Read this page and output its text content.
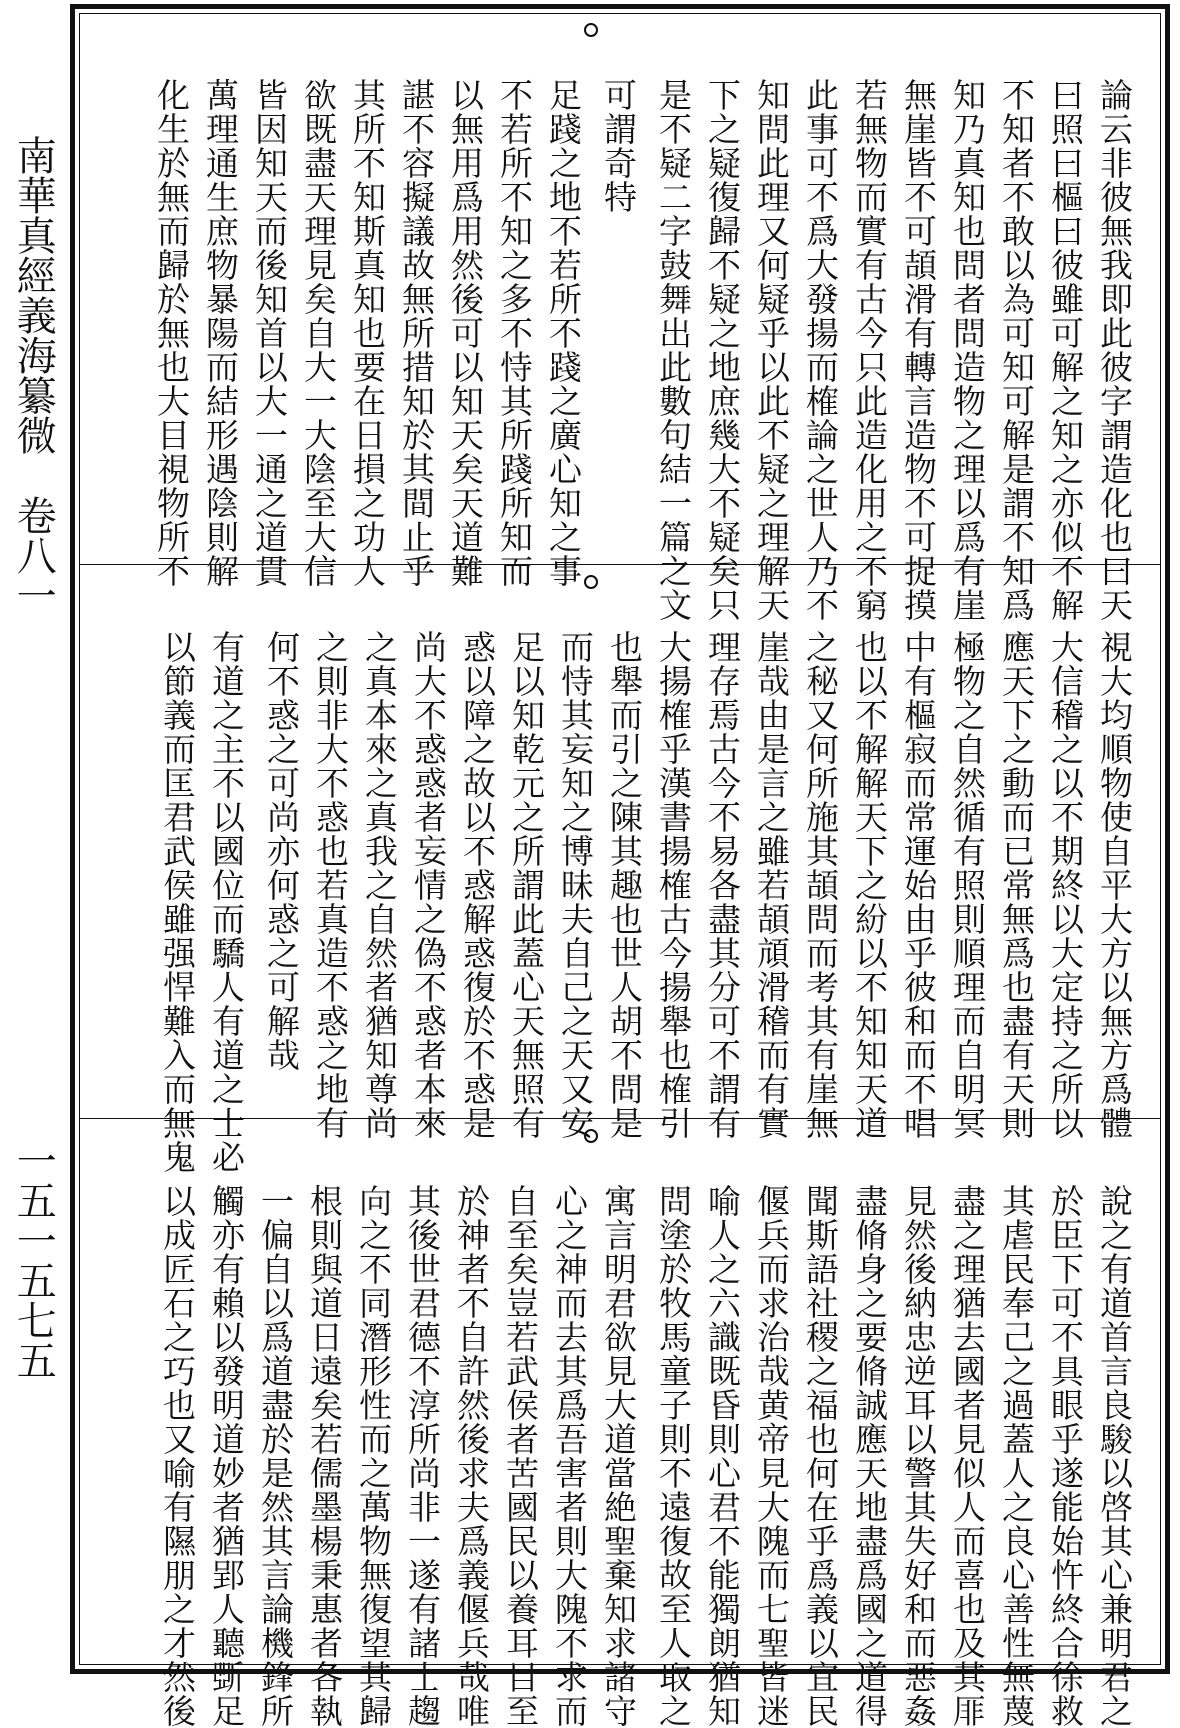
南華真經義海纂微　卷八一
一五一五七五
論云非彼無我即此彼字謂造化也曰天
曰照曰樞曰彼雖可解之知之亦似不解
不知者不敢以為可知可解是謂不知爲
知乃真知也問者問造物之理以爲有崖
無崖皆不可頡滑有轉言造物不可捉摸
若無物而實有古今只此造化用之不窮
此事可不爲大發揚而榷論之世人乃不
知問此理又何疑乎以此不疑之理解天
下之疑復歸不疑之地庶幾大不疑矣只
是不疑二字鼓舞出此數句結一篇之文
可謂奇特
足踐之地不若所不踐之廣心知之事
不若所不知之多不恃其所踐所知而
以無用爲用然後可以知天矣天道難
諶不容擬議故無所措知於其間止乎
其所不知斯真知也要在日損之功人
欲既盡天理見矣自大一大陰至大信
皆因知天而後知首以大一通之道貫
萬理通生庶物暴陽而結形遇陰則解
化生於無而歸於無也大目視物所不
視大均順物使自平大方以無方爲體
大信稽之以不期終以大定持之所以
應天下之動而已常無爲也盡有天則
極物之自然循有照則順理而自明冥
中有樞寂而常運始由乎彼和而不唱
也以不解解天下之紛以不知知天道
之秘又何所施其頡問而考其有崖無
崖哉由是言之雖若頡頏滑稽而有實
理存焉古今不易各盡其分可不謂有
大揚榷乎漢書揚榷古今揚舉也榷引
也舉而引之陳其趣也世人胡不問是
而恃其妄知之博昧夫自己之天又安
足以知乾元之所謂此蓋心天無照有
惑以障之故以不惑解惑復於不惑是
尚大不惑惑者妄情之偽不惑者本來
之真本來之真我之自然者猶知尊尚
之則非大不惑也若真造不惑之地有
何不惑之可尚亦何惑之可解哉
有道之主不以國位而驕人有道之士必
以節義而匡君武侯雖强悍難入而無鬼
說之有道首言良駿以啓其心兼明君之
於臣下可不具眼乎遂能始忤終合徐救
其虐民奉己之過蓋人之良心善性無蔑
盡之理猶去國者見似人而喜也及其厞
見然後納忠逆耳以警其失好和而惡姦
盡脩身之要脩誠應天地盡爲國之道得
聞斯語社稷之福也何在乎爲義以宜民
偃兵而求治哉黄帝見大隗而七聖皆迷
喻人之六識既昏則心君不能獨朗猶知
問塗於牧馬童子則不遠復故至人取之
寓言明君欲見大道當絶聖棄知求諸守
心之神而去其爲吾害者則大隗不求而
自至矣豈若武侯者苦國民以養耳目至
於神者不自許然後求夫爲義偃兵哉唯
其後世君德不淳所尚非一遂有諸士趨
向之不同潛形性而之萬物無復望其歸
根則與道日遠矣若儒墨楊秉惠者各執
一偏自以爲道盡於是然其言論機鋒所
觸亦有賴以發明道妙者猶郢人聽斲足
以成匠石之巧也又喻有隰朋之才然後
